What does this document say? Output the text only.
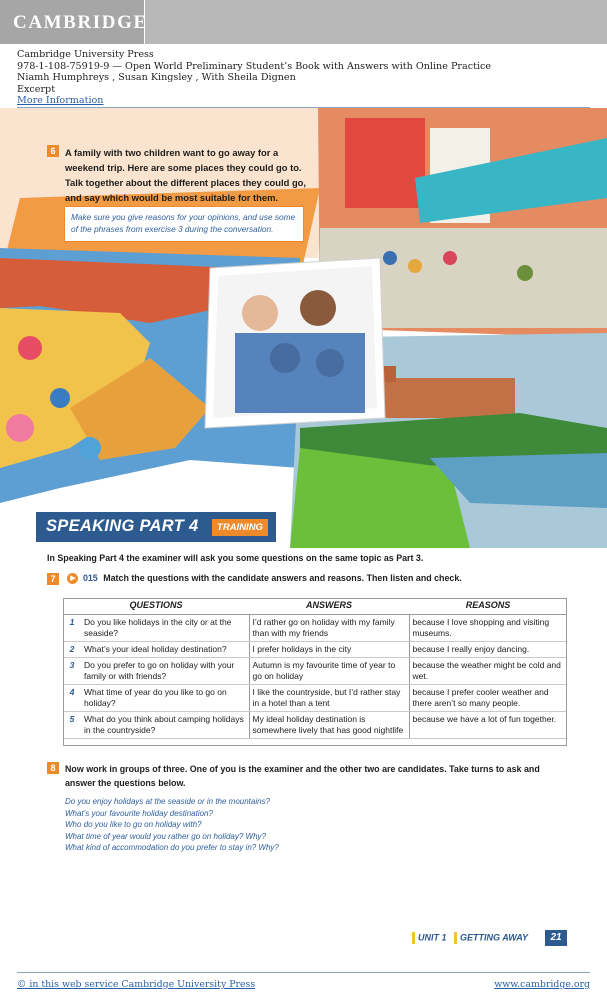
CAMBRIDGE
Cambridge University Press
978-1-108-75919-9 — Open World Preliminary Student’s Book with Answers with Online Practice
Niamh Humphreys , Susan Kingsley , With Sheila Dignen
Excerpt
More Information
6 A family with two children want to go away for a weekend trip. Here are some places they could go to. Talk together about the different places they could go, and say which would be most suitable for them.
Make sure you give reasons for your opinions, and use some of the phrases from exercise 3 during the conversation.
SPEAKING PART 4	TRAINING
In Speaking Part 4 the examiner will ask you some questions on the same topic as Part 3.
7 ▶ 015 Match the questions with the candidate answers and reasons. Then listen and check.
QUESTIONS		ANSWERS	REASONS
1	Do you like holidays in the city or at the seaside?	I’d rather go on holiday with my family than with my friends	because I love shopping and visiting museums.
2	What’s your ideal holiday destination?	I prefer holidays in the city	because I really enjoy dancing.
3	Do you prefer to go on holiday with your family or with friends?	Autumn is my favourite time of year to go on holiday	because the weather might be cold and wet.
4	What time of year do you like to go on holiday?	I like the countryside, but I’d rather stay in a hotel than a tent	because I prefer cooler weather and there aren’t so many people.
5	What do you think about camping holidays in the countryside?	My ideal holiday destination is somewhere lively that has good nightlife	because we have a lot of fun together.
8 Now work in groups of three. One of you is the examiner and the other two are candidates. Take turns to ask and answer the questions below.
Do you enjoy holidays at the seaside or in the mountains?
What’s your favourite holiday destination?
Who do you like to go on holiday with?
What time of year would you rather go on holiday? Why?
What kind of accommodation do you prefer to stay in? Why?
UNIT 1 GETTING AWAY	21
© in this web service Cambridge University Press	www.cambridge.org
